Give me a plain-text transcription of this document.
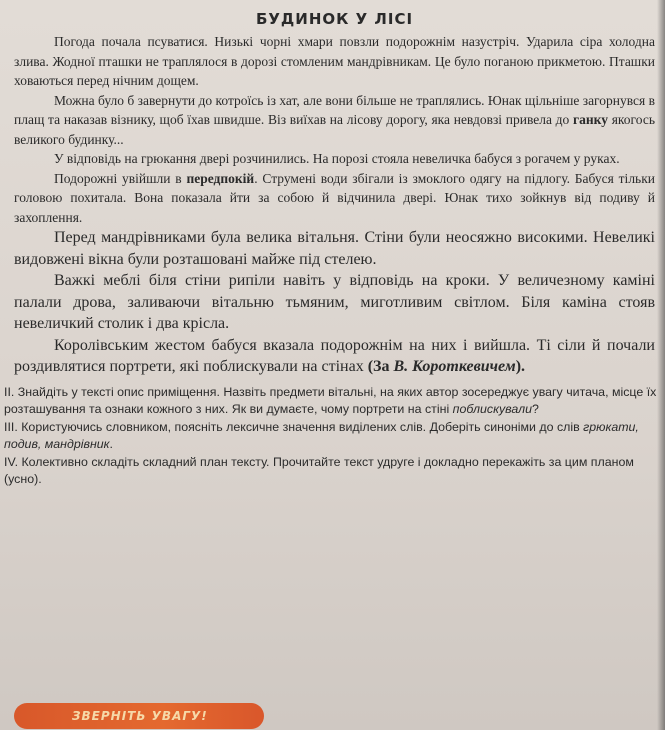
БУДИНОК У ЛІСІ

Погода почала псуватися. Низькі чорні хмари повзли подорожнім назустріч. Ударила сіра холодна злива. Жодної пташки не траплялося в дорозі стомленим мандрівникам. Це було поганою прикметою. Пташки ховаються перед нічним дощем.

Можна було б завернути до котроїсь із хат, але вони більше не траплялись. Юнак щільніше загорнувся в плащ та наказав візнику, щоб їхав швидше. Віз виїхав на лісову дорогу, яка невдовзі привела до ганку якогось великого будинку...

У відповідь на грюкання двері розчинились. На порозі стояла невеличка бабуся з рогачем у руках.

Подорожні увійшли в передпокій. Струмені води збігали із змоклого одягу на підлогу. Бабуся тільки головою похитала. Вона показала йти за собою й відчинила двері. Юнак тихо зойкнув від подиву й захоплення.

Перед мандрівниками була велика вітальня. Стіни були неосяжно високими. Невеликі видовжені вікна були розташовані майже під стелею.

Важкі меблі біля стіни рипіли навіть у відповідь на кроки. У величезному каміні палали дрова, заливаючи вітальню тьмяним, миготливим світлом. Біля каміна стояв невеличкий столик і два крісла.

Королівським жестом бабуся вказала подорожнім на них і вийшла. Ті сіли й почали роздивлятися портрети, які поблискували на стінах (За В. Короткевичем).

ІІ. Знайдіть у тексті опис приміщення. Назвіть предмети вітальні, на яких автор зосереджує увагу читача, місце їх розташування та ознаки кожного з них. Як ви думаєте, чому портрети на стіні поблискували?

ІІІ. Користуючись словником, поясніть лексичне значення виділених слів. Доберіть синоніми до слів грюкати, подив, мандрівник.

ІV. Колективно складіть складний план тексту. Прочитайте текст удруге і докладно перекажіть за цим планом (усно).

ЗВЕРНІТЬ УВАГУ!
